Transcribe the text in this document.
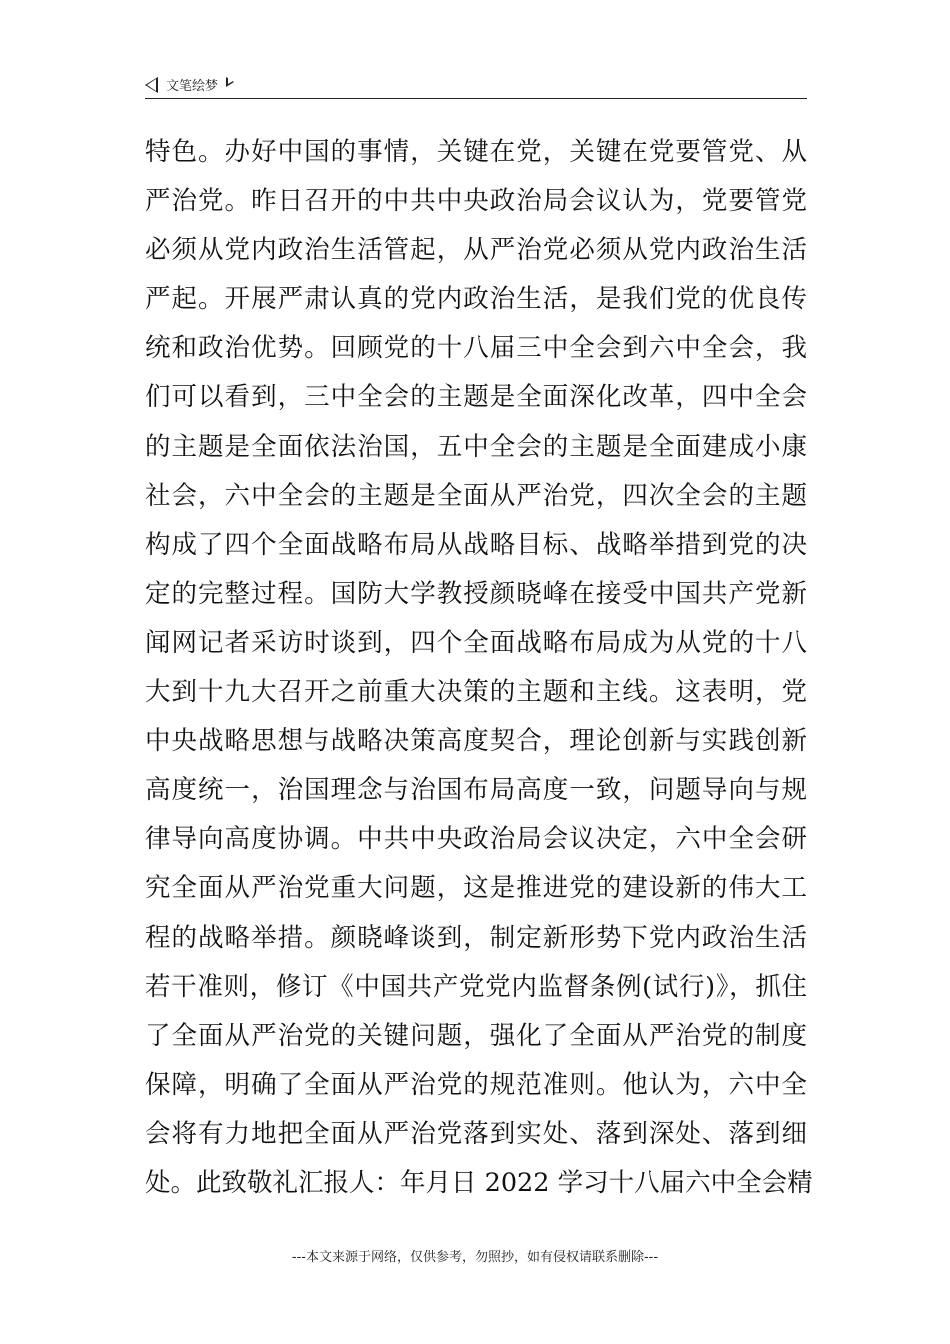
文笔绘梦
特色。办好中国的事情，关键在党，关键在党要管党、从
严治党。昨日召开的中共中央政治局会议认为，党要管党
必须从党内政治生活管起，从严治党必须从党内政治生活
严起。开展严肃认真的党内政治生活，是我们党的优良传
统和政治优势。回顾党的十八届三中全会到六中全会，我
们可以看到，三中全会的主题是全面深化改革，四中全会
的主题是全面依法治国，五中全会的主题是全面建成小康
社会，六中全会的主题是全面从严治党，四次全会的主题
构成了四个全面战略布局从战略目标、战略举措到党的决
定的完整过程。国防大学教授颜晓峰在接受中国共产党新
闻网记者采访时谈到，四个全面战略布局成为从党的十八
大到十九大召开之前重大决策的主题和主线。这表明，党
中央战略思想与战略决策高度契合，理论创新与实践创新
高度统一，治国理念与治国布局高度一致，问题导向与规
律导向高度协调。中共中央政治局会议决定，六中全会研
究全面从严治党重大问题，这是推进党的建设新的伟大工
程的战略举措。颜晓峰谈到，制定新形势下党内政治生活
若干准则，修订《中国共产党党内监督条例(试行)》，抓住
了全面从严治党的关键问题，强化了全面从严治党的制度
保障，明确了全面从严治党的规范准则。他认为，六中全
会将有力地把全面从严治党落到实处、落到深处、落到细
处。此致敬礼汇报人：年月日 2022 学习十八届六中全会精
---本文来源于网络，仅供参考，勿照抄，如有侵权请联系删除---
